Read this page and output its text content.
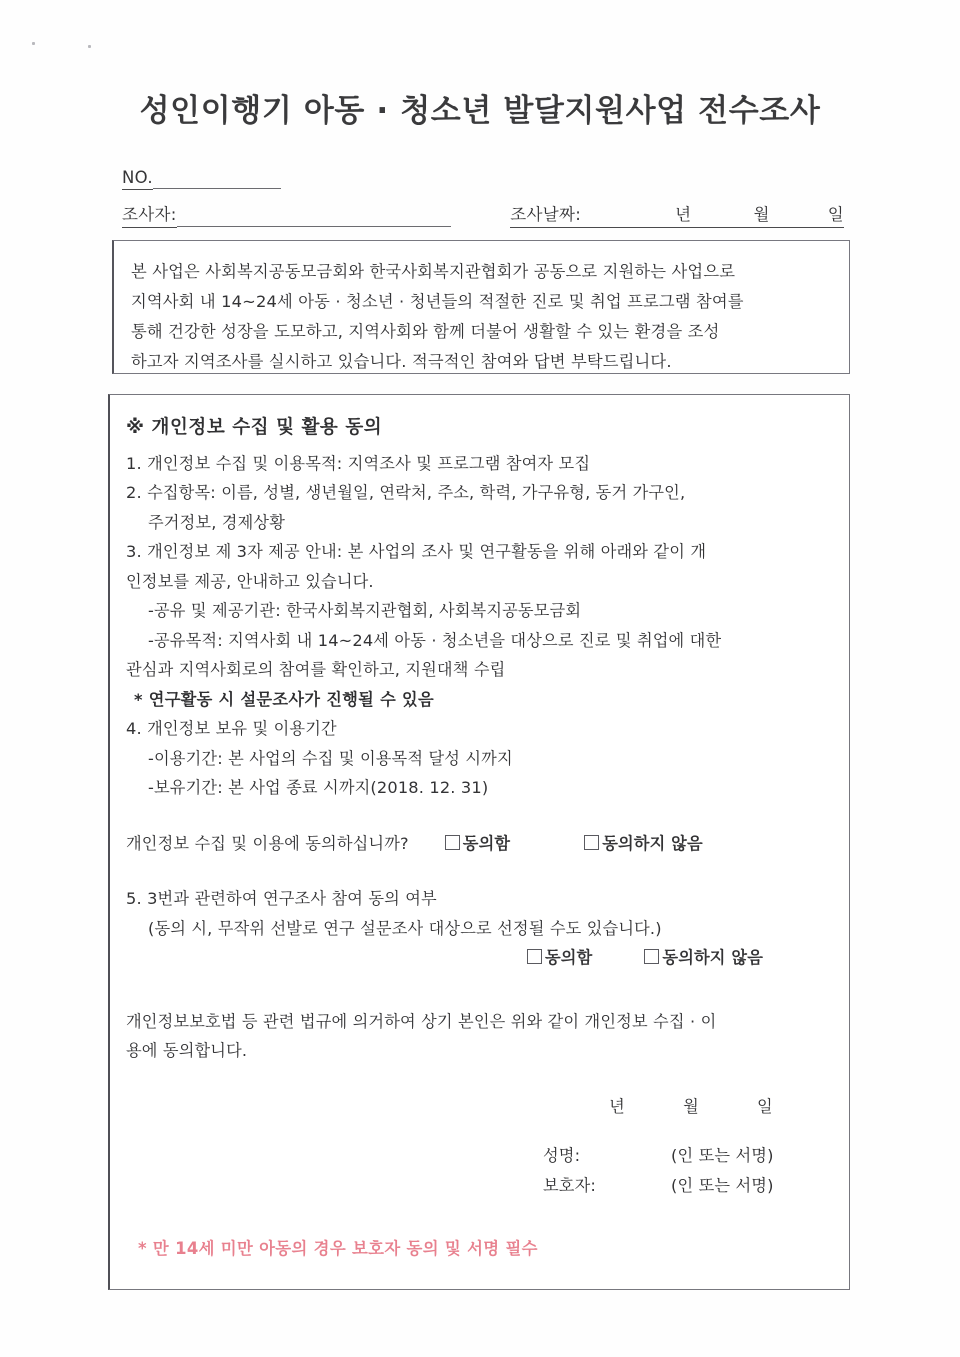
성인이행기 아동 · 청소년 발달지원사업 전수조사
NO.
조사자:	조사날짜:	년	월	일
본 사업은 사회복지공동모금회와 한국사회복지관협회가 공동으로 지원하는 사업으로
지역사회 내 14~24세 아동 · 청소년 · 청년들의 적절한 진로 및 취업 프로그램 참여를
통해 건강한 성장을 도모하고, 지역사회와 함께 더불어 생활할 수 있는 환경을 조성
하고자 지역조사를 실시하고 있습니다. 적극적인 참여와 답변 부탁드립니다.
※ 개인정보 수집 및 활용 동의
1. 개인정보 수집 및 이용목적: 지역조사 및 프로그램 참여자 모집
2. 수집항목: 이름, 성별, 생년월일, 연락처, 주소, 학력, 가구유형, 동거 가구인,
주거정보, 경제상황
3. 개인정보 제 3자 제공 안내: 본 사업의 조사 및 연구활동을 위해 아래와 같이 개
인정보를 제공, 안내하고 있습니다.
-공유 및 제공기관: 한국사회복지관협회, 사회복지공동모금회
-공유목적: 지역사회 내 14~24세 아동 · 청소년을 대상으로 진로 및 취업에 대한
관심과 지역사회로의 참여를 확인하고, 지원대책 수립
* 연구활동 시 설문조사가 진행될 수 있음
4. 개인정보 보유 및 이용기간
-이용기간: 본 사업의 수집 및 이용목적 달성 시까지
-보유기간: 본 사업 종료 시까지(2018. 12. 31)
개인정보 수집 및 이용에 동의하십니까?	동의함	동의하지 않음
5. 3번과 관련하여 연구조사 참여 동의 여부
(동의 시, 무작위 선발로 연구 설문조사 대상으로 선정될 수도 있습니다.)
동의함	동의하지 않음
개인정보보호법 등 관련 법규에 의거하여 상기 본인은 위와 같이 개인정보 수집 · 이
용에 동의합니다.
년	월	일
성명:	(인 또는 서명)
보호자:	(인 또는 서명)
* 만 14세 미만 아동의 경우 보호자 동의 및 서명 필수
